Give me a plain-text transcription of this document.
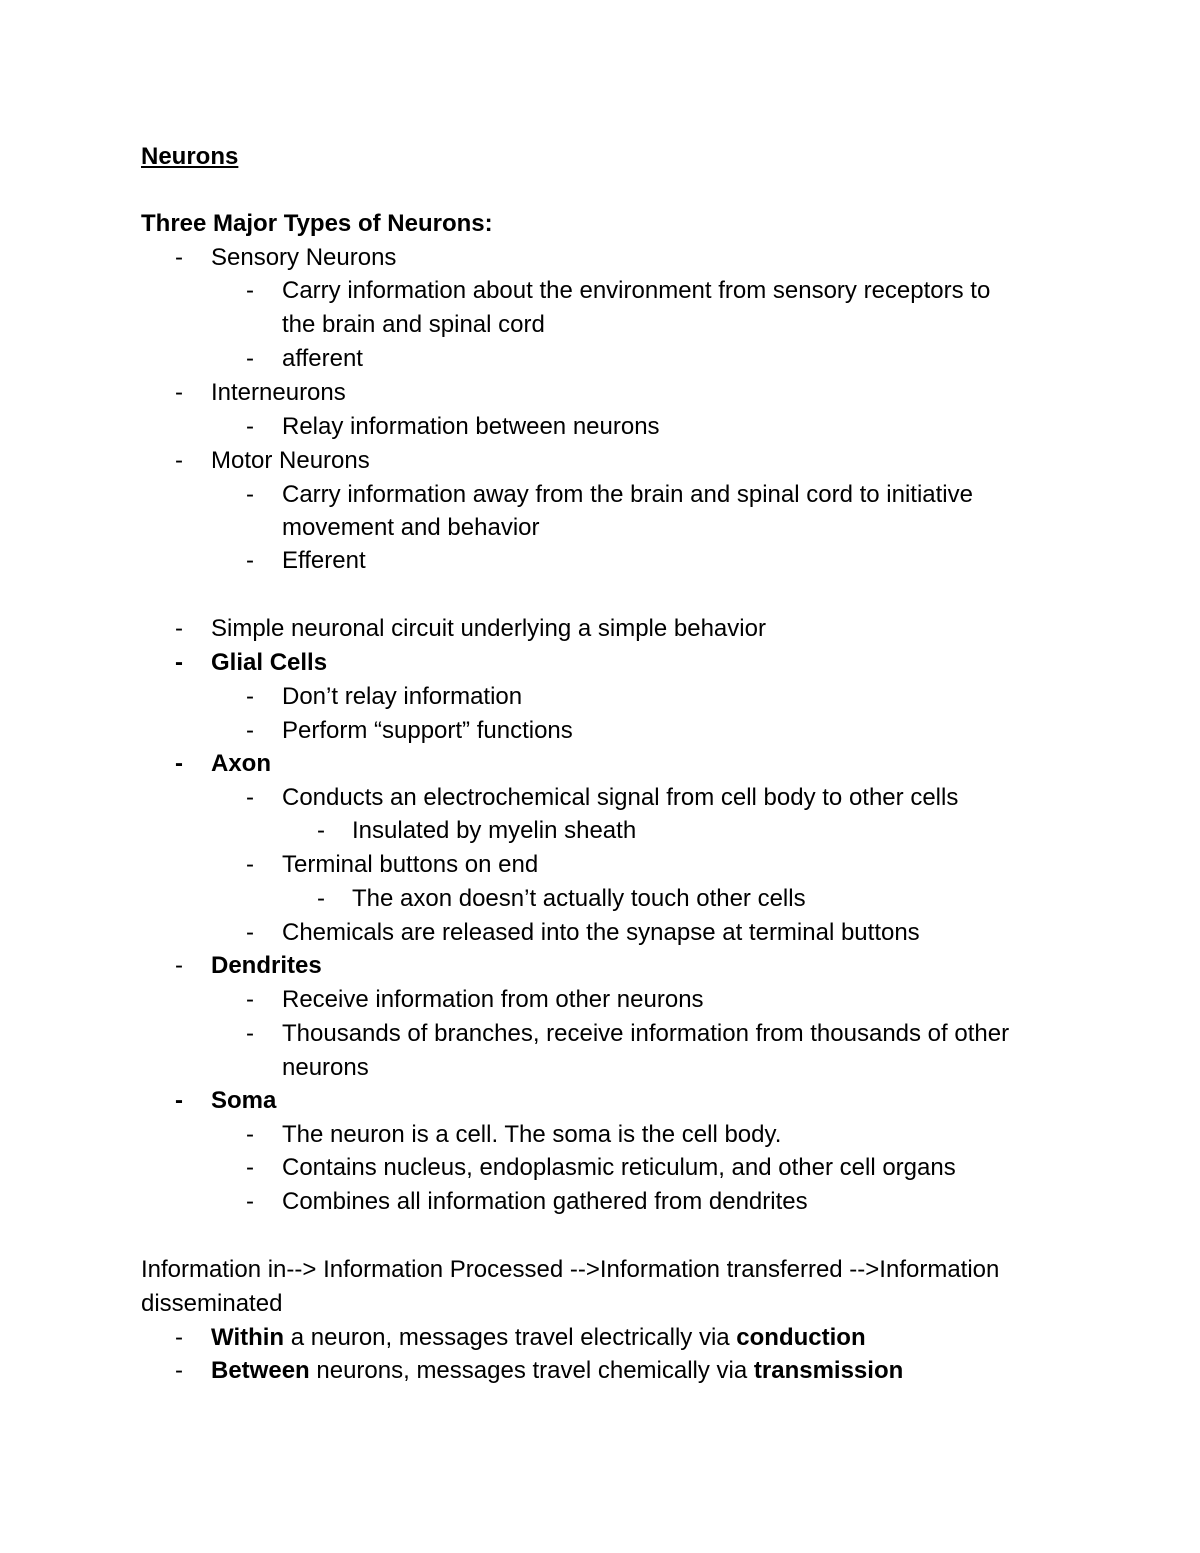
Neurons
Three Major Types of Neurons:
- Sensory Neurons
- Carry information about the environment from sensory receptors to
the brain and spinal cord
- afferent
- Interneurons
- Relay information between neurons
- Motor Neurons
- Carry information away from the brain and spinal cord to initiative
movement and behavior
- Efferent
- Simple neuronal circuit underlying a simple behavior
- Glial Cells
- Don’t relay information
- Perform “support” functions
- Axon
- Conducts an electrochemical signal from cell body to other cells
- Insulated by myelin sheath
- Terminal buttons on end
- The axon doesn’t actually touch other cells
- Chemicals are released into the synapse at terminal buttons
- Dendrites
- Receive information from other neurons
- Thousands of branches, receive information from thousands of other
neurons
- Soma
- The neuron is a cell. The soma is the cell body.
- Contains nucleus, endoplasmic reticulum, and other cell organs
- Combines all information gathered from dendrites
Information in--> Information Processed -->Information transferred -->Information
disseminated
- Within a neuron, messages travel electrically via conduction
- Between neurons, messages travel chemically via transmission
